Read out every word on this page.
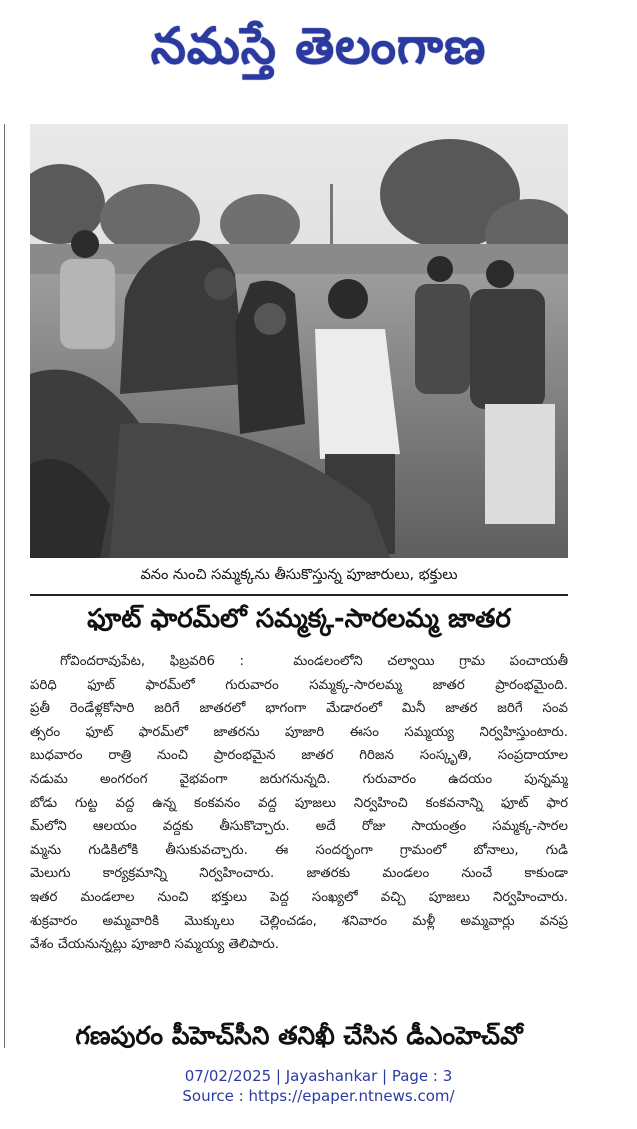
నమస్తే తెలంగాణ
వనం నుంచి సమ్మక్కను తీసుకొస్తున్న పూజారులు, భక్తులు
ఫూట్ ఫారమ్‌లో సమ్మక్క-సారలమ్మ జాతర
గోవిందరావుపేట, ఫిబ్రవరి6 :	మండలంలోని చల్వాయి గ్రామ పంచాయతీ
పరిధి ఫూట్ ఫారమ్‌లో గురువారం సమ్మక్క-సారలమ్మ జాతర ప్రారంభమైంది.
ప్రతీ రెండేళ్లకోసారి జరిగే జాతరలో భాగంగా మేడారంలో మినీ జాతర జరిగే సంవ
త్సరం ఫూట్ ఫారమ్‌లో జాతరను పూజారి ఈసం సమ్మయ్య నిర్వహిస్తుంటారు.
బుధవారం రాత్రి నుంచి ప్రారంభమైన జాతర గిరిజన సంస్కృతి, సంప్రదాయాల
నడుమ అంగరంగ వైభవంగా జరుగనున్నది. గురువారం ఉదయం పున్నమ్మ
బోడు గుట్ట వద్ద ఉన్న కంకవనం వద్ద పూజలు నిర్వహించి కంకవనాన్ని ఫూట్ ఫార
మ్‌లోని ఆలయం వద్దకు తీసుకొచ్చారు. అదే రోజు సాయంత్రం సమ్మక్క-సారల
మ్మను గుడికిలోకి తీసుకువచ్చారు. ఈ సందర్భంగా గ్రామంలో బోనాలు, గుడి
మెలుగు కార్యక్రమాన్ని నిర్వహించారు. జాతరకు మండలం నుంచే కాకుండా
ఇతర మండలాల నుంచి భక్తులు పెద్ద సంఖ్యలో వచ్చి పూజలు నిర్వహించారు.
శుక్రవారం అమ్మవారికి మొక్కులు చెల్లించడం, శనివారం మళ్లీ అమ్మవార్లు వనప్ర
వేశం చేయనున్నట్లు పూజారి సమ్మయ్య తెలిపారు.
గణపురం పీహెచ్‌సీని తనిఖీ చేసిన డీఎంహెచ్‌వో
07/02/2025 | Jayashankar | Page : 3
Source : https://epaper.ntnews.com/
